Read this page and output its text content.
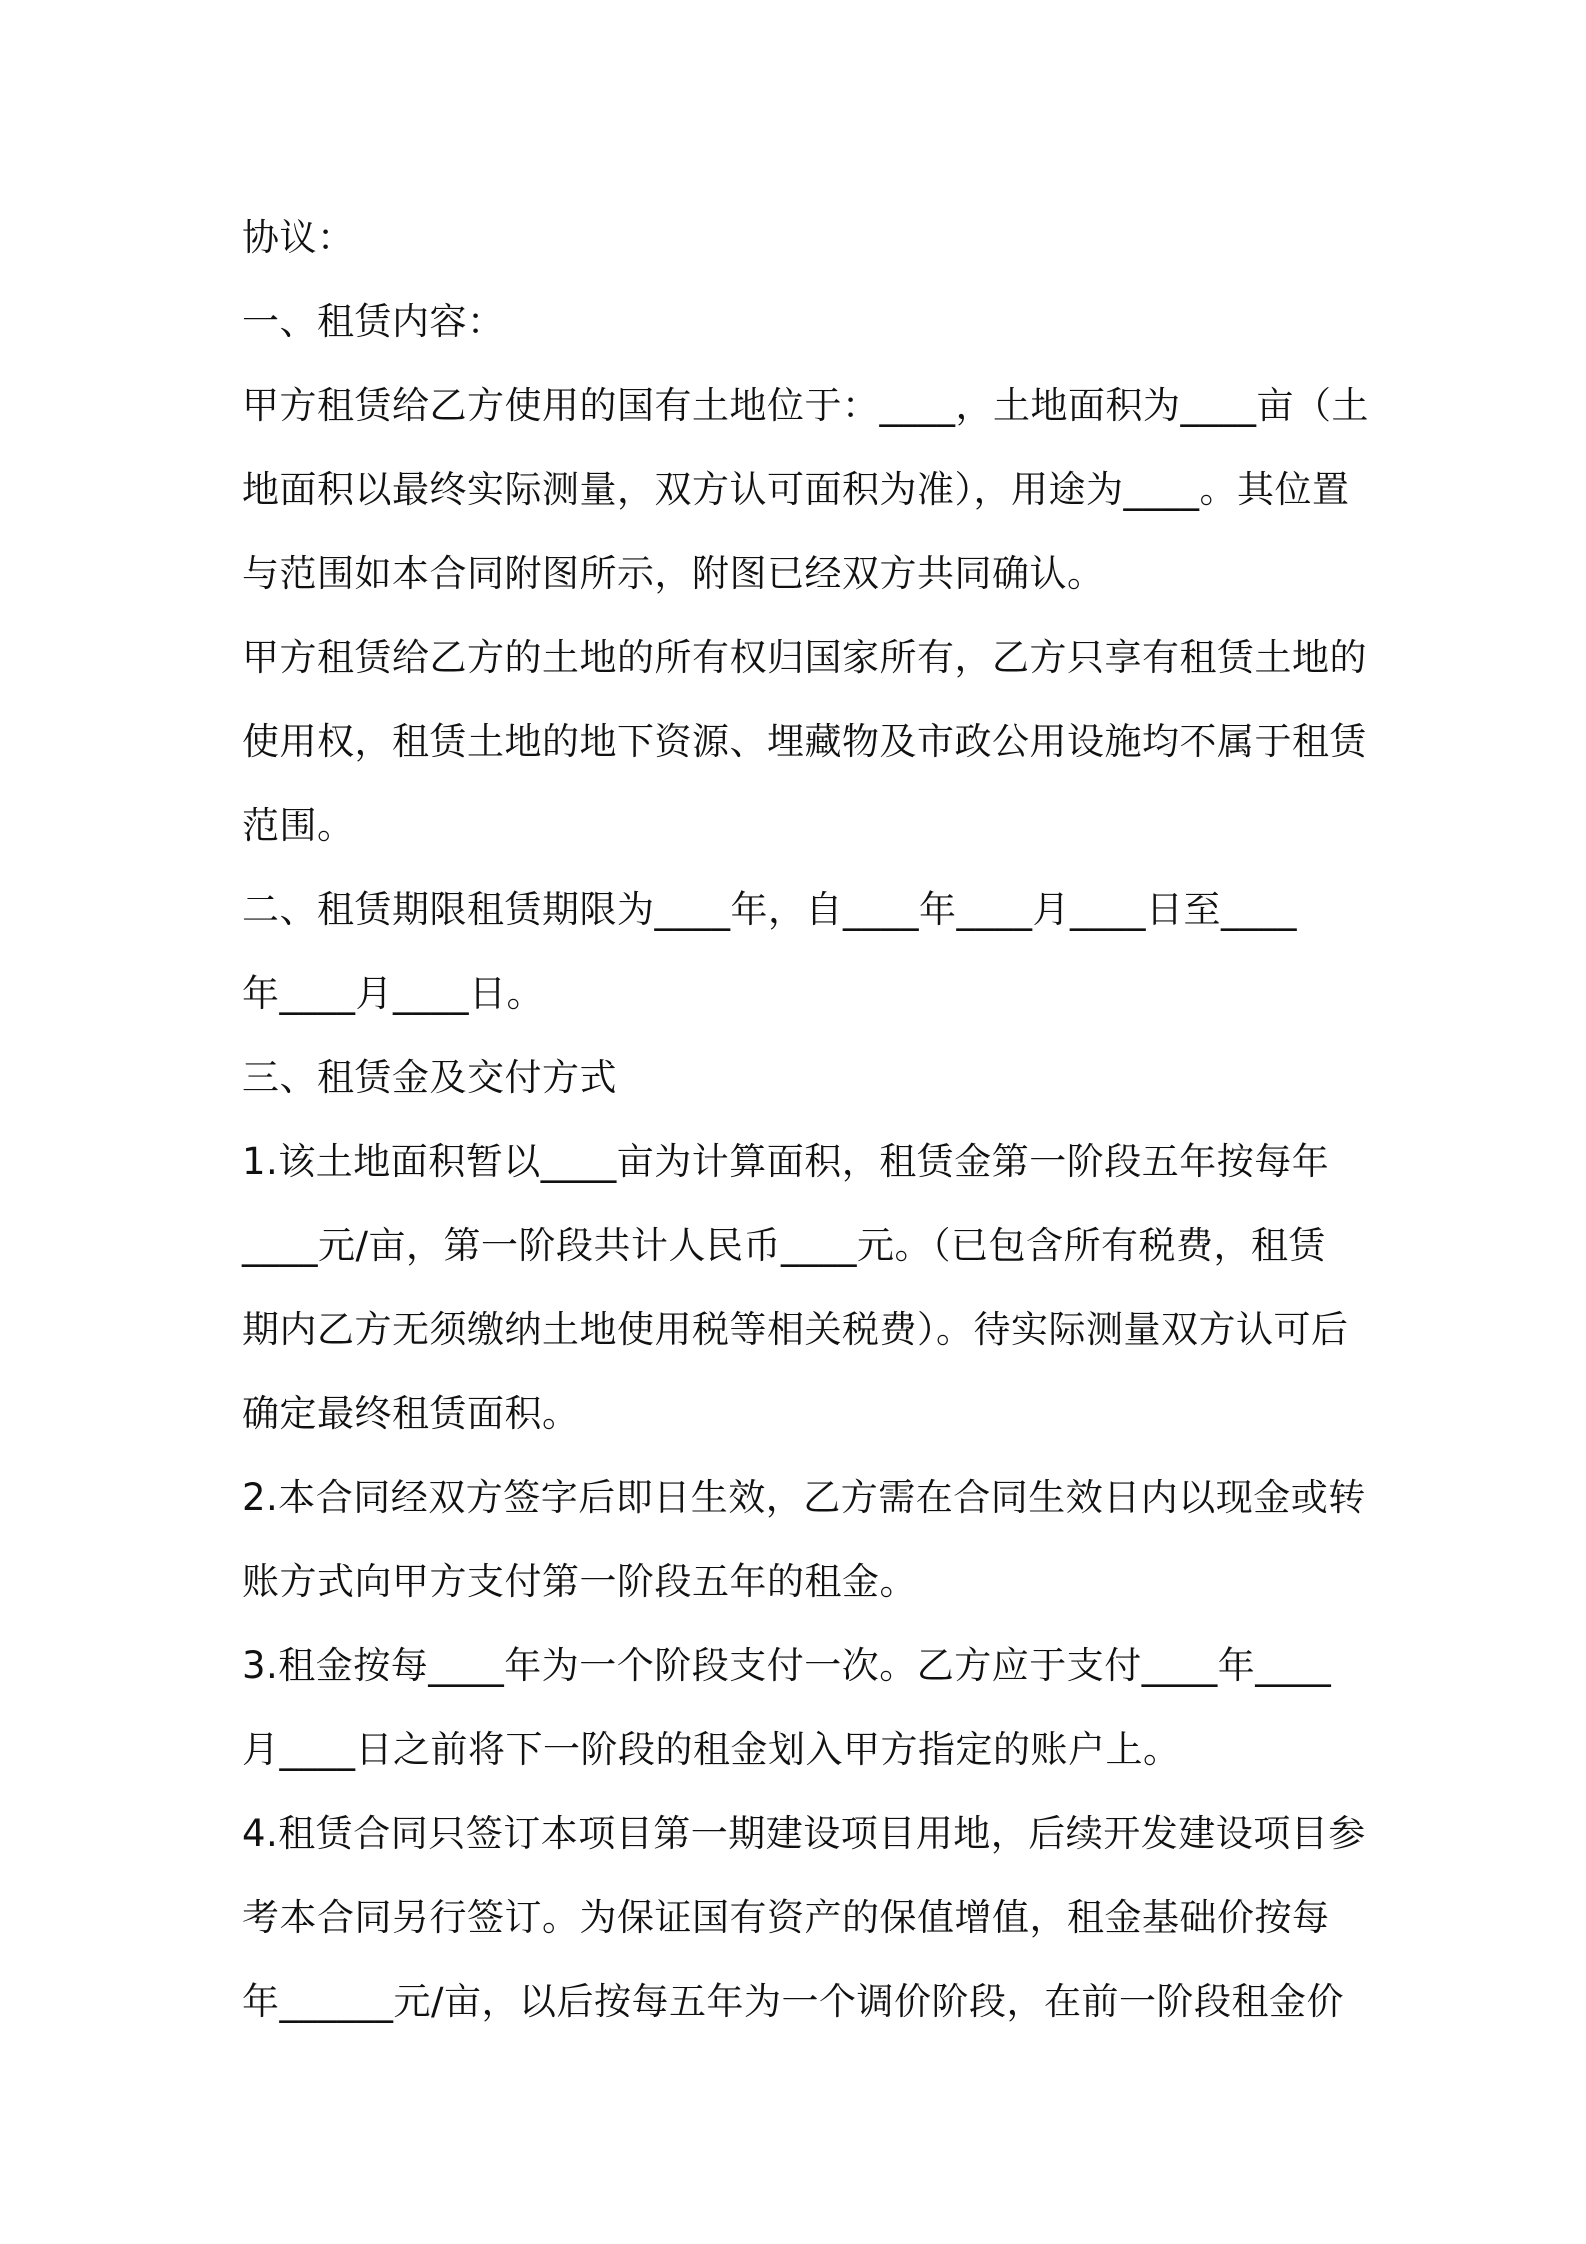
协议：
一、租赁内容：
甲方租赁给乙方使用的国有土地位于：____，土地面积为____亩（土
地面积以最终实际测量，双方认可面积为准），用途为____。其位置
与范围如本合同附图所示，附图已经双方共同确认。
甲方租赁给乙方的土地的所有权归国家所有，乙方只享有租赁土地的
使用权，租赁土地的地下资源、埋藏物及市政公用设施均不属于租赁
范围。
二、租赁期限租赁期限为____年，自____年____月____日至____
年____月____日。
三、租赁金及交付方式
1.该土地面积暂以____亩为计算面积，租赁金第一阶段五年按每年
____元/亩，第一阶段共计人民币____元。（已包含所有税费，租赁
期内乙方无须缴纳土地使用税等相关税费）。待实际测量双方认可后
确定最终租赁面积。
2.本合同经双方签字后即日生效，乙方需在合同生效日内以现金或转
账方式向甲方支付第一阶段五年的租金。
3.租金按每____年为一个阶段支付一次。乙方应于支付____年____
月____日之前将下一阶段的租金划入甲方指定的账户上。
4.租赁合同只签订本项目第一期建设项目用地，后续开发建设项目参
考本合同另行签订。为保证国有资产的保值增值，租金基础价按每
年______元/亩，以后按每五年为一个调价阶段，在前一阶段租金价
